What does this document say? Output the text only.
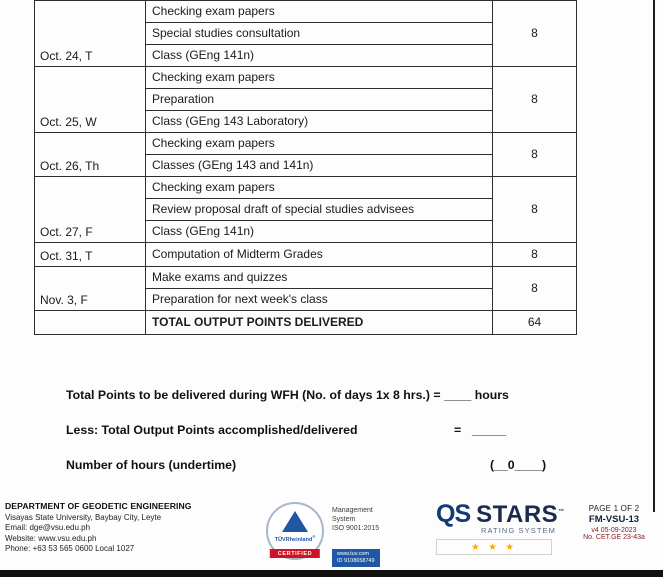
Oct. 24, T	Checking exam papers	8
	Special studies consultation	
	Class (GEng 141n)	
Oct. 25, W	Checking exam papers	8
	Preparation	
	Class (GEng 143 Laboratory)	
Oct. 26, Th	Checking exam papers	8
	Classes (GEng 143 and 141n)	
Oct. 27, F	Checking exam papers	8
	Review proposal draft of special studies advisees	
	Class (GEng 141n)	
Oct. 31, T	Computation of Midterm Grades	8
Nov. 3, F	Make exams and quizzes	8
	Preparation for next week's class	
	TOTAL OUTPUT POINTS DELIVERED	64
Total Points to be delivered during WFH (No. of days 1x 8 hrs.) = ____ hours
Less: Total Output Points accomplished/delivered	= _____
Number of hours (undertime)	(__0____)
DEPARTMENT OF GEODETIC ENGINEERING
Visayas State University, Baybay City, Leyte
Email: dge@vsu.edu.ph
Website: www.vsu.edu.ph
Phone: +63 53 565 0600 Local 1027
TÜVRheinland®
CERTIFIED
Management
System
ISO 9001:2015
www.tuv.com
ID 9108658749
QS STARS™
RATING SYSTEM
★ ★ ★
PAGE 1 OF 2
FM-VSU-13
v4 05-09-2023
No. CET.GE 23-43a
